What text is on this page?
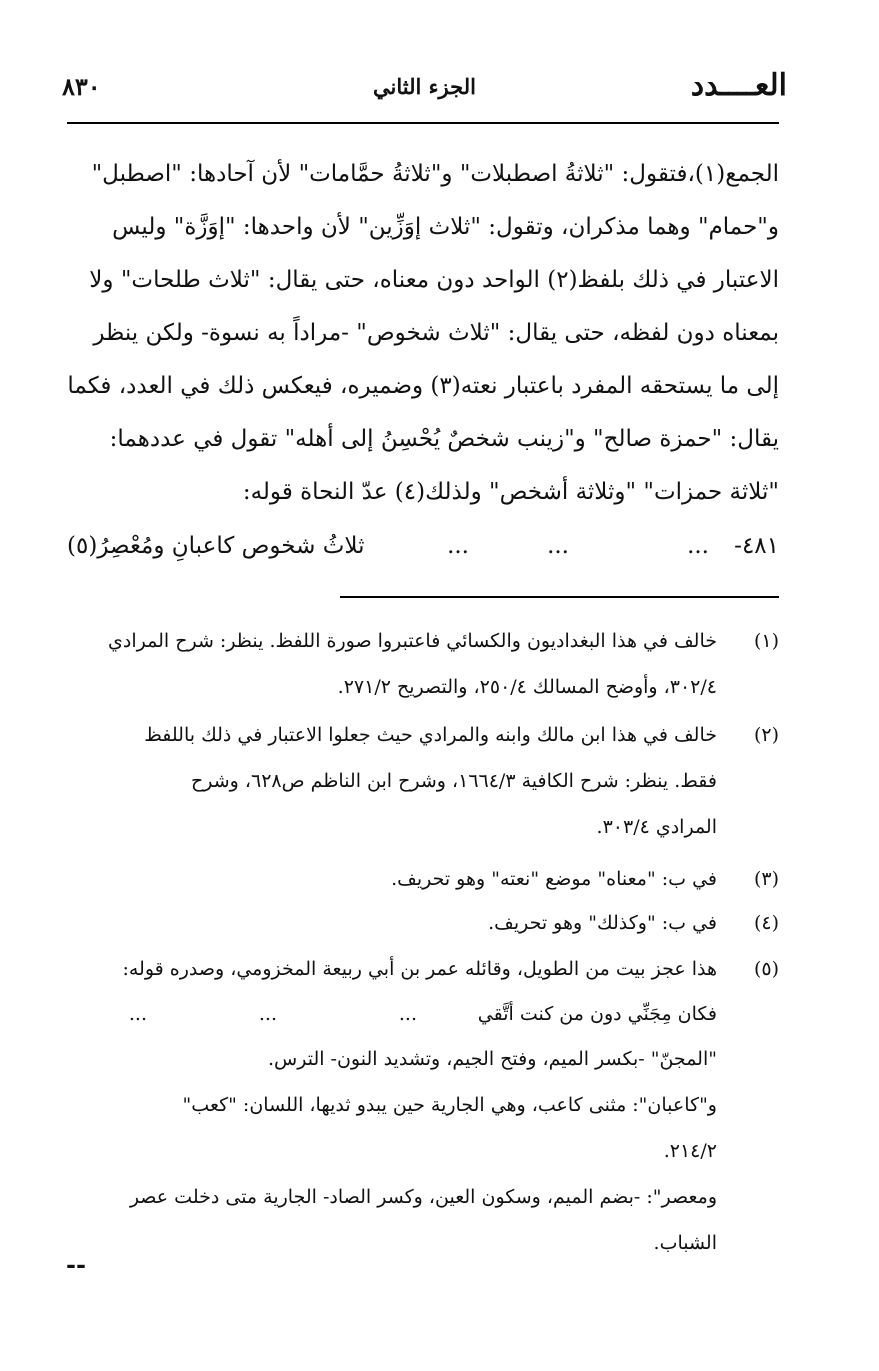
العــــدد
الجزء الثاني
٨٣٠
الجمع(١)،فتقول: "ثلاثةُ اصطبلات" و"ثلاثةُ حمَّامات" لأن آحادها: "اصطبل"
و"حمام" وهما مذكران، وتقول: "ثلاث إوَزِّين" لأن واحدها: "إوَزَّة" وليس
الاعتبار في ذلك بلفظ(٢) الواحد دون معناه، حتى يقال: "ثلاث طلحات" ولا
بمعناه دون لفظه، حتى يقال: "ثلاث شخوص" -مراداً به نسوة- ولكن ينظر
إلى ما يستحقه المفرد باعتبار نعته(٣) وضميره، فيعكس ذلك في العدد، فكما
يقال: "حمزة صالح" و"زينب شخصٌ يُحْسِنُ إلى أهله" تقول في عددهما:
"ثلاثة حمزات" "وثلاثة أشخص" ولذلك(٤) عدّ النحاة قوله:
٤٨١-
...
...
...
ثلاثُ شخوص كاعبانِ ومُعْصِرُ(٥)
(١)
خالف في هذا البغداديون والكسائي فاعتبروا صورة اللفظ. ينظر: شرح المرادي
٣٠٢/٤، وأوضح المسالك ٢٥٠/٤، والتصريح ٢٧١/٢.
(٢)
خالف في هذا ابن مالك وابنه والمرادي حيث جعلوا الاعتبار في ذلك باللفظ
فقط. ينظر: شرح الكافية ١٦٦٤/٣، وشرح ابن الناظم ص٦٢٨، وشرح
المرادي ٣٠٣/٤.
(٣)
في ب: "معناه" موضع "نعته" وهو تحريف.
(٤)
في ب: "وكذلك" وهو تحريف.
(٥)
هذا عجز بيت من الطويل، وقائله عمر بن أبي ربيعة المخزومي، وصدره قوله:
فكان مِجَنِّي دون من كنت أتَّقي
...
...
...
"المجنّ" -بكسر الميم، وفتح الجيم، وتشديد النون- الترس.
و"كاعبان": مثنى كاعب، وهي الجارية حين يبدو ثديها، اللسان: "كعب"
٢١٤/٢.
ومعصر": -بضم الميم، وسكون العين، وكسر الصاد- الجارية متى دخلت عصر
الشباب.
--
